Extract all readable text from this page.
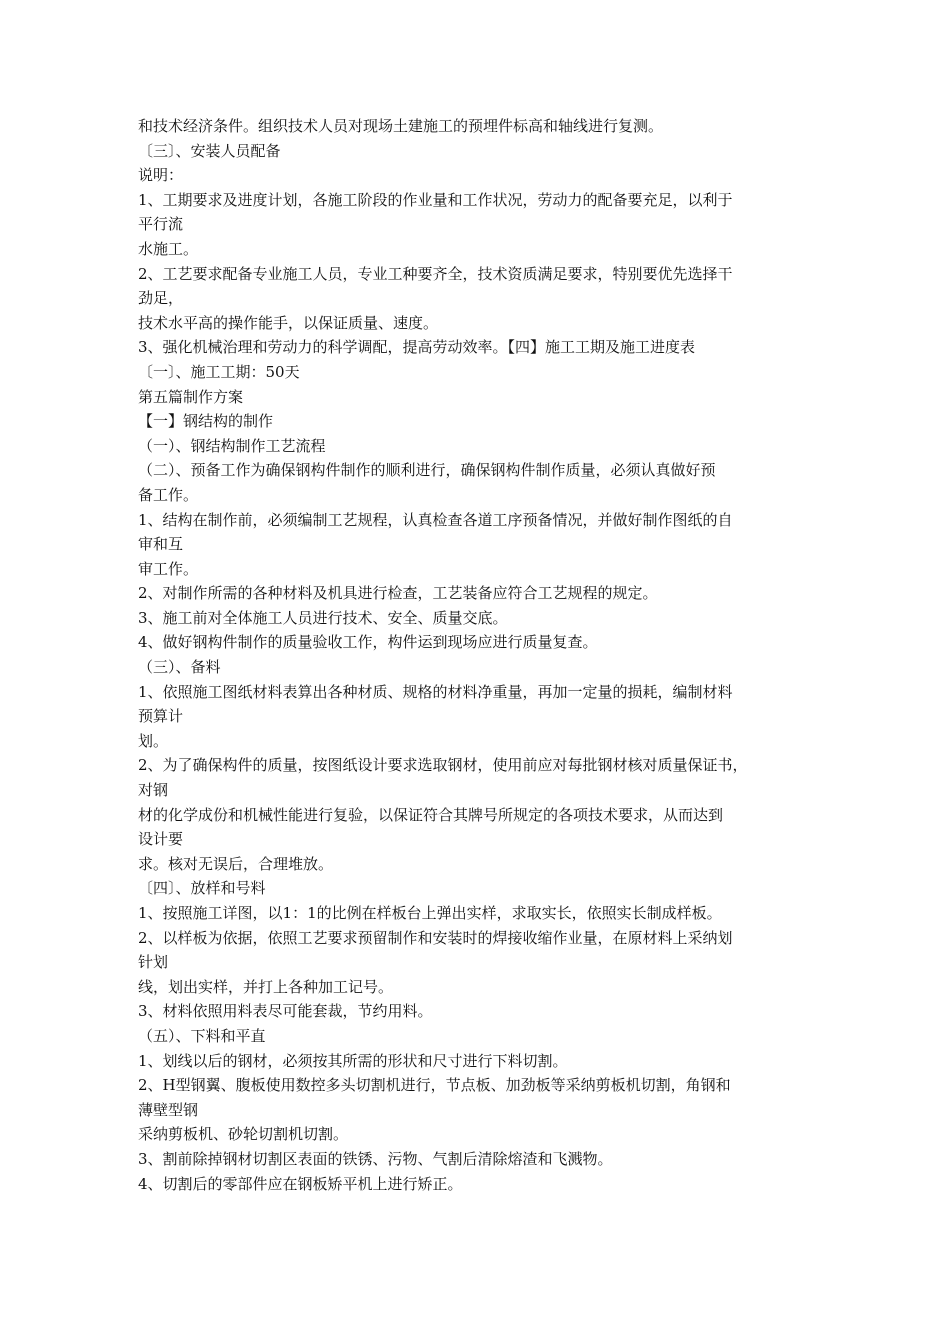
和技术经济条件。组织技术人员对现场土建施工的预埋件标高和轴线进行复测。
〔三〕、安装人员配备
说明：
1、工期要求及进度计划，各施工阶段的作业量和工作状况，劳动力的配备要充足，以利于
平行流
水施工。
2、工艺要求配备专业施工人员，专业工种要齐全，技术资质满足要求，特别要优先选择干
劲足，
技术水平高的操作能手，以保证质量、速度。
3、强化机械治理和劳动力的科学调配，提高劳动效率。【四】施工工期及施工进度表
〔一〕、施工工期：50天
第五篇制作方案
【一】钢结构的制作
（一）、钢结构制作工艺流程
（二）、预备工作为确保钢构件制作的顺利进行，确保钢构件制作质量，必须认真做好预
备工作。
1、结构在制作前，必须编制工艺规程，认真检查各道工序预备情况，并做好制作图纸的自
审和互
审工作。
2、对制作所需的各种材料及机具进行检查，工艺装备应符合工艺规程的规定。
3、施工前对全体施工人员进行技术、安全、质量交底。
4、做好钢构件制作的质量验收工作，构件运到现场应进行质量复查。
（三）、备料
1、依照施工图纸材料表算出各种材质、规格的材料净重量，再加一定量的损耗，编制材料
预算计
划。
2、为了确保构件的质量，按图纸设计要求选取钢材，使用前应对每批钢材核对质量保证书，
对钢
材的化学成份和机械性能进行复验，以保证符合其牌号所规定的各项技术要求，从而达到
设计要
求。核对无误后，合理堆放。
〔四〕、放样和号料
1、按照施工详图，以1：1的比例在样板台上弹出实样，求取实长，依照实长制成样板。
2、以样板为依据，依照工艺要求预留制作和安装时的焊接收缩作业量，在原材料上采纳划
针划
线，划出实样，并打上各种加工记号。
3、材料依照用料表尽可能套裁，节约用料。
（五）、下料和平直
1、划线以后的钢材，必须按其所需的形状和尺寸进行下料切割。
2、H型钢翼、腹板使用数控多头切割机进行，节点板、加劲板等采纳剪板机切割，角钢和
薄壁型钢
采纳剪板机、砂轮切割机切割。
3、割前除掉钢材切割区表面的铁锈、污物、气割后清除熔渣和飞溅物。
4、切割后的零部件应在钢板矫平机上进行矫正。
